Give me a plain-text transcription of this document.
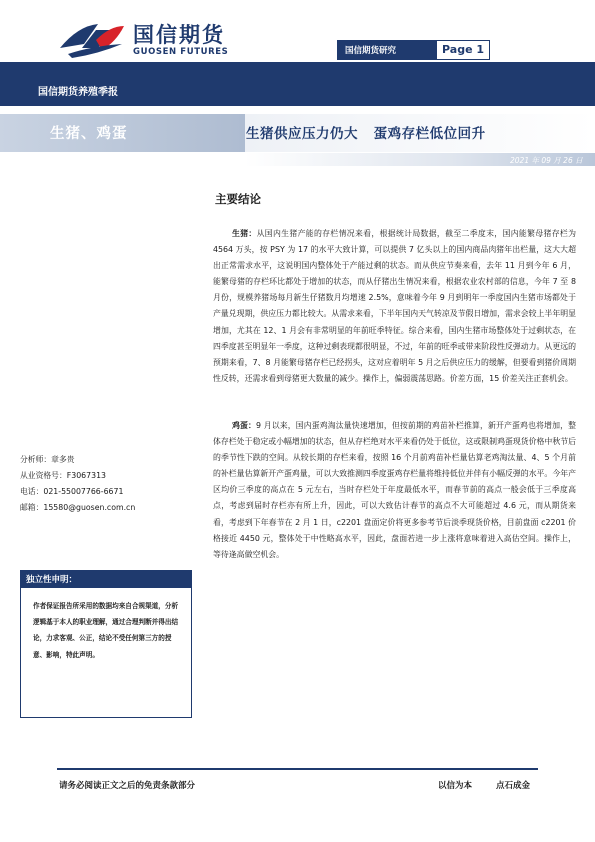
国信期货
GUOSEN FUTURES	国信期货研究	Page 1
国信期货养殖季报
生猪、鸡蛋	生猪供应压力仍大   蛋鸡存栏低位回升
2021 年 09 月 26 日
主要结论
生猪：从国内生猪产能的存栏情况来看，根据统计局数据，截至二季度末，国内能繁母猪存栏为 4564 万头，按 PSY 为 17 的水平大致计算，可以提供 7 亿头以上的国内商品肉猪年出栏量，这大大超出正常需求水平，这说明国内整体处于产能过剩的状态。而从供应节奏来看，去年 11 月到今年 6 月，能繁母猪的存栏环比都处于增加的状态，而从仔猪出生情况来看，根据农业农村部的信息，今年 7 至 8 月份，规模养猪场每月新生仔猪数月均增速 2.5%，意味着今年 9 月到明年一季度国内生猪市场都处于产量兑现期，供应压力都比较大。从需求来看，下半年国内天气转凉及节假日增加，需求会较上半年明显增加，尤其在 12、1 月会有非常明显的年前旺季特征。综合来看，国内生猪市场整体处于过剩状态，在四季度甚至明显年一季度，这种过剩表现都很明显，不过，年前的旺季或带来阶段性反弹动力。从更远的预期来看，7、8 月能繁母猪存栏已经拐头，这对应着明年 5 月之后供应压力的缓解，但要看到猪价周期性反转，还需求看到母猪更大数量的减少。操作上，偏弱震荡思路。价差方面，15 价差关注正套机会。
鸡蛋：9 月以来，国内蛋鸡淘汰量快速增加，但按前期的鸡苗补栏推算，新开产蛋鸡也将增加，整体存栏处于稳定或小幅增加的状态，但从存栏绝对水平来看仍处于低位，这或限制鸡蛋现货价格中秋节后的季节性下跌的空间。从较长期的存栏来看，按照 16 个月前鸡苗补栏量估算老鸡淘汰量、4、5 个月前的补栏量估算新开产蛋鸡量，可以大致推测四季度蛋鸡存栏量将维持低位并伴有小幅反弹的水平。今年产区均价三季度的高点在 5 元左右，当时存栏处于年度最低水平，而春节前的高点一般会低于三季度高点，考虑到届时存栏亦有所上升，因此，可以大致估计春节的高点不大可能超过 4.6 元，而从期货来看，考虑到下年春节在 2 月 1 日，c2201 盘面定价将更多参考节后淡季现货价格，目前盘面 c2201 价格接近 4450 元，整体处于中性略高水平，因此，盘面若进一步上涨将意味着进入高估空间。操作上，等待逢高做空机会。
分析师：章多贵
从业资格号：F3067313
电话：021-55007766-6671
邮箱：15580@guosen.com.cn
独立性申明：
作者保证报告所采用的数据均来自合规渠道，分析逻辑基于本人的职业理解，通过合理判断并得出结论，力求客观、公正，结论不受任何第三方的授意、影响，特此声明。
请务必阅读正文之后的免责条款部分	以信为本	点石成金
